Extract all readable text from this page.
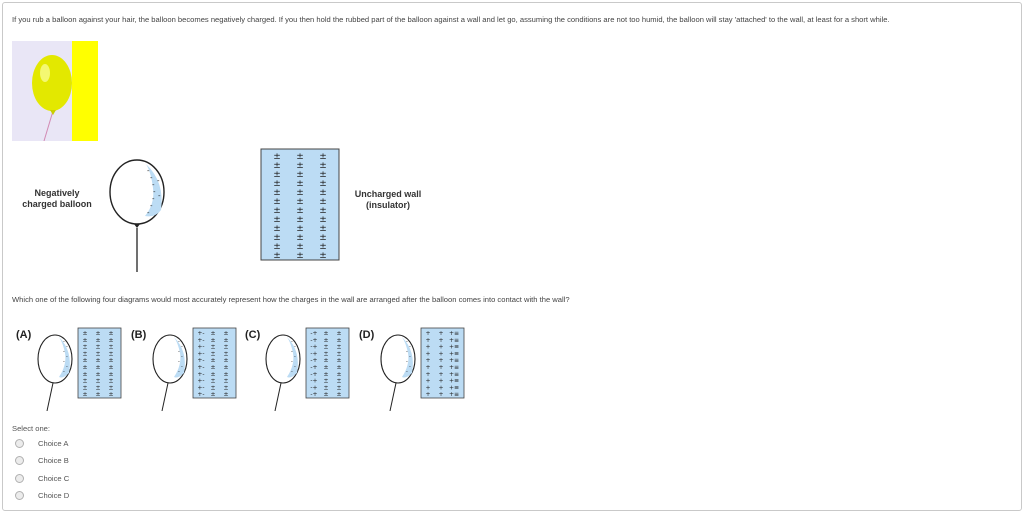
If you rub a balloon against your hair, the balloon becomes negatively charged. If you then hold the rubbed part of the balloon against a wall and let go, assuming the conditions are not too humid, the balloon will stay 'attached' to the wall, at least for a short while.
-
-
-
-
-
-
-
-
-
Negatively
charged balloon
± ± ±
± ± ±
± ± ±
± ± ±
± ± ±
± ± ±
± ± ±
± ± ±
± ± ±
± ± ±
± ± ±
± ± ±
Uncharged wall
(insulator)
Which one of the following four diagrams would most accurately represent how the charges in the wall are arranged after the balloon comes into contact with the wall?
(A)	± ± ±
± ± ±
± ± ±
± ± ±
± ± ±
± ± ±
± ± ±
± ± ±
± ± ±
± ± ±
-
-
-
-
-
-
-
(B)	+- ± ±
+- ± ±
+- ± ±
+- ± ±
+- ± ±
+- ± ±
+- ± ±
+- ± ±
+- ± ±
+- ± ±
-
-
-
-
-
-
-
(C)	-+ ± ±
-+ ± ±
-+ ± ±
-+ ± ±
-+ ± ±
-+ ± ±
-+ ± ±
-+ ± ±
-+ ± ±
-+ ± ±
-
-
-
-
-
-
-
(D)	+ + +≡
+ + +≡
+ + +≡
+ + +≡
+ + +≡
+ + +≡
+ + +≡
+ + +≡
+ + +≡
+ + +≡
-
-
-
-
-
-
-
Select one:
Choice A
Choice B
Choice C
Choice D
